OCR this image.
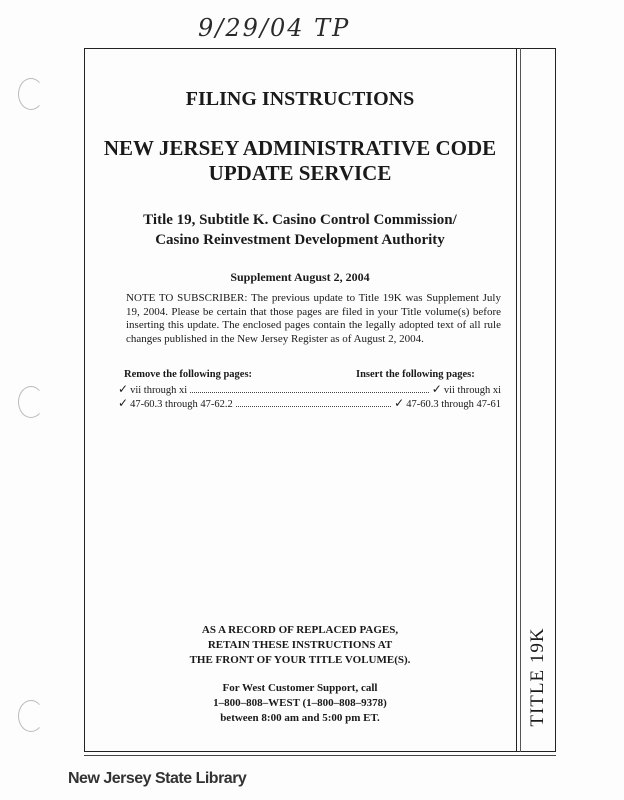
9/29/04 TP
TITLE 19K
FILING INSTRUCTIONS
NEW JERSEY ADMINISTRATIVE CODE
UPDATE SERVICE
Title 19, Subtitle K. Casino Control Commission/
Casino Reinvestment Development Authority
Supplement August 2, 2004
NOTE TO SUBSCRIBER: The previous update to Title 19K was Supplement July 19, 2004. Please be certain that those pages are filed in your Title volume(s) before inserting this update. The enclosed pages contain the legally adopted text of all rule changes published in the New Jersey Register as of August 2, 2004.
Remove the following pages:	Insert the following pages:
✓ vii through xi	✓ vii through xi
✓ 47-60.3 through 47-62.2	✓ 47-60.3 through 47-61
AS A RECORD OF REPLACED PAGES,
RETAIN THESE INSTRUCTIONS AT
THE FRONT OF YOUR TITLE VOLUME(S).
For West Customer Support, call
1–800–808–WEST (1–800–808–9378)
between 8:00 am and 5:00 pm ET.
New Jersey State Library
